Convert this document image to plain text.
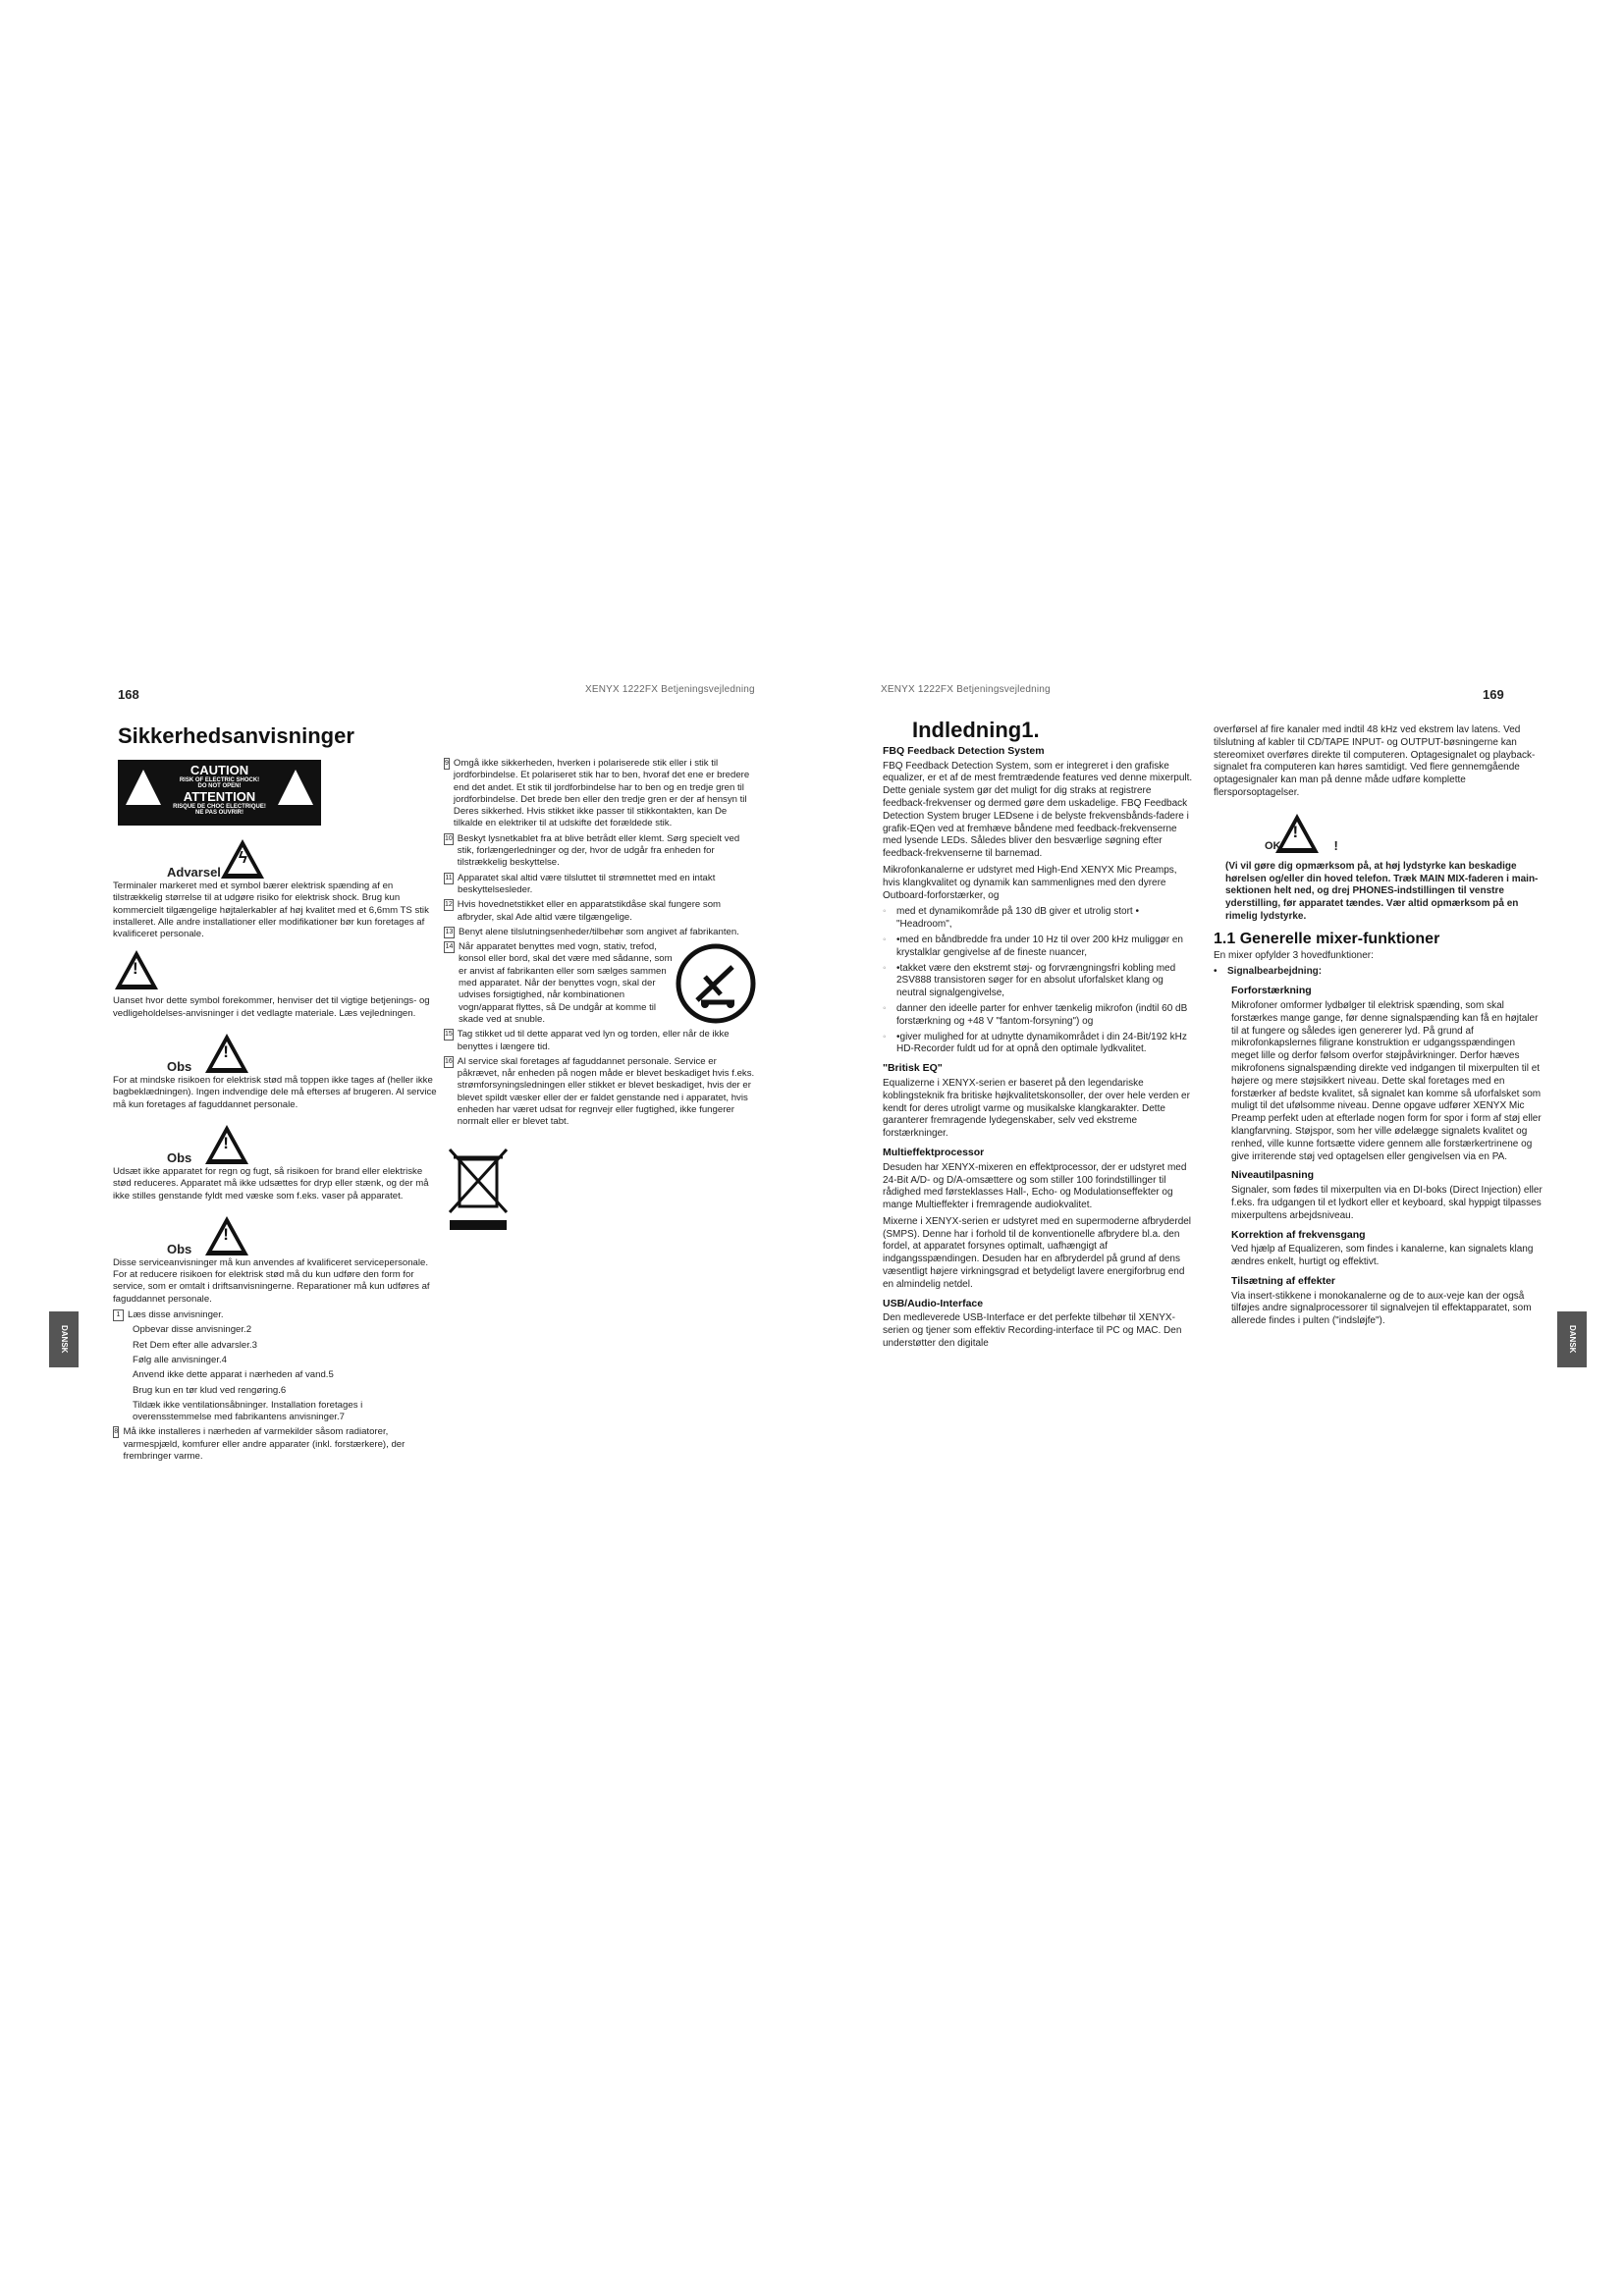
168	XENYX 1222FX Betjeningsvejledning
Sikkerhedsanvisninger
CAUTION
RISK OF ELECTRIC SHOCK!
DO NOT OPEN!
ATTENTION
RISQUE DE CHOC ELECTRIQUE!
NE PAS OUVRIR!
Advarsel
ϟ

Terminaler markeret med et symbol bærer elektrisk spænding af en tilstrækkelig størrelse til at udgøre risiko for elektrisk shock. Brug kun kommercielt tilgængelige højtalerkabler af høj kvalitet med et 6,6mm TS stik installeret. Alle andre installationer eller modifikationer bør kun foretages af kvalificeret personale.

!

Uanset hvor dette symbol forekommer, henviser det til vigtige betjenings- og vedligeholdelses-anvisninger i det vedlagte materiale. Læs vejledningen.

Obs
!

For at mindske risikoen for elektrisk stød må toppen ikke tages af (heller ikke bagbeklædningen). Ingen indvendige dele må efterses af brugeren. Al service må kun foretages af faguddannet personale.

Obs
!

Udsæt ikke apparatet for regn og fugt, så risikoen for brand eller elektriske stød reduceres. Apparatet må ikke udsættes for dryp eller stænk, og der må ikke stilles genstande fyldt med væske som f.eks. vaser på apparatet.

Obs
!

Disse serviceanvisninger må kun anvendes af kvalificeret servicepersonale. For at reducere risikoen for elektrisk stød må du kun udføre den form for service, som er omtalt i driftsanvisningerne. Reparationer må kun udføres af faguddannet personale.

1 Læs disse anvisninger.
Opbevar disse anvisninger.2
Ret Dem efter alle advarsler.3
Følg alle anvisninger.4
Anvend ikke dette apparat i nærheden af vand.5
Brug kun en tør klud ved rengøring.6
Tildæk ikke ventilationsåbninger. Installation foretages i overensstemmelse med fabrikantens anvisninger.7
8 Må ikke installeres i nærheden af varmekilder såsom radiatorer, varmespjæld, komfurer eller andre apparater (inkl. forstærkere), der frembringer varme.
9 Omgå ikke sikkerheden, hverken i polariserede stik eller i stik til jordforbindelse. Et polariseret stik har to ben, hvoraf det ene er bredere end det andet. Et stik til jordforbindelse har to ben og en tredje gren til jordforbindelse. Det brede ben eller den tredje gren er der af hensyn til Deres sikkerhed. Hvis stikket ikke passer til stikkontakten, kan De tilkalde en elektriker til at udskifte det forældede stik.
10 Beskyt lysnetkablet fra at blive betrådt eller klemt. Sørg specielt ved stik, forlængerledninger og der, hvor de udgår fra enheden for tilstrækkelig beskyttelse.
11 Apparatet skal altid være tilsluttet til strømnettet med en intakt beskyttelsesleder.
12 Hvis hovednetstikket eller en apparatstikdåse skal fungere som afbryder, skal Ade altid være tilgængelige.
13 Benyt alene tilslutningsenheder/tilbehør som angivet af fabrikanten.
14 Når apparatet benyttes med vogn, stativ, trefod, konsol eller bord, skal det være med sådanne, som er anvist af fabrikanten eller som sælges sammen med apparatet. Når der benyttes vogn, skal der udvises forsigtighed, når kombinationen vogn/apparat flyttes, så De undgår at komme til skade ved at snuble.
15 Tag stikket ud til dette apparat ved lyn og torden, eller når de ikke benyttes i længere tid.
16 Al service skal foretages af faguddannet personale. Service er påkrævet, når enheden på nogen måde er blevet beskadiget hvis f.eks. strømforsyningsledningen eller stikket er blevet beskadiget, hvis der er blevet spildt væsker eller der er faldet genstande ned i apparatet, hvis enheden har været udsat for regnvejr eller fugtighed, ikke fungerer normalt eller er blevet tabt.
DANSK
XENYX 1222FX Betjeningsvejledning	169
Indledning1.
FBQ Feedback Detection System

FBQ Feedback Detection System, som er integreret i den grafiske equalizer, er et af de mest fremtrædende features ved denne mixerpult. Dette geniale system gør det muligt for dig straks at registrere feedback-frekvenser og dermed gøre dem uskadelige. FBQ Feedback Detection System bruger LEDsene i de belyste frekvensbånds-fadere i grafik-EQen ved at fremhæve båndene med feedback-frekvenserne med lysende LEDs. Således bliver den besværlige søgning efter feedback-frekvenserne til barnemad.

Mikrofonkanalerne er udstyret med High-End XENYX Mic Preamps, hvis klangkvalitet og dynamik kan sammenlignes med den dyrere Outboard-forforstærker, og

◦	med et dynamikområde på 130 dB giver et utrolig stort • "Headroom",
◦	•med en båndbredde fra under 10 Hz til over 200 kHz muliggør en krystalklar gengivelse af de fineste nuancer,
◦	•takket være den ekstremt støj- og forvrængningsfri kobling med 2SV888 transistoren søger for en absolut uforfalsket klang og neutral signalgengivelse,
◦	danner den ideelle parter for enhver tænkelig mikrofon (indtil 60 dB forstærkning og +48 V "fantom-forsyning") og
◦	•giver mulighed for at udnytte dynamikområdet i din 24-Bit/192 kHz HD-Recorder fuldt ud for at opnå den optimale lydkvalitet.
"Britisk EQ"

Equalizerne i XENYX-serien er baseret på den legendariske koblingsteknik fra britiske højkvalitetskonsoller, der over hele verden er kendt for deres utroligt varme og musikalske klangkarakter. Dette garanterer fremragende lydegenskaber, selv ved ekstreme forstærkninger.

Multieffektprocessor

Desuden har XENYX-mixeren en effektprocessor, der er udstyret med 24-Bit A/D- og D/A-omsættere og som stiller 100 forindstillinger til rådighed med førsteklasses Hall-, Echo- og Modulationseffekter og mange Multieffekter i fremragende audiokvalitet.

Mixerne i XENYX-serien er udstyret med en supermoderne afbryderdel (SMPS). Denne har i forhold til de konventionelle afbrydere bl.a. den fordel, at apparatet forsynes optimalt, uafhængigt af indgangsspændingen. Desuden har en afbryderdel på grund af dens væsentligt højere virkningsgrad et betydeligt lavere energiforbrug end en almindelig netdel.

USB/Audio-Interface

Den medleverede USB-Interface er det perfekte tilbehør til XENYX-serien og tjener som effektiv Recording-interface til PC og MAC. Den understøtter den digitale

overførsel af fire kanaler med indtil 48 kHz ved ekstrem lav latens. Ved tilslutning af kabler til CD/TAPE INPUT- og OUTPUT-bøsningerne kan stereomixet overføres direkte til computeren. Optagesignalet og playback-signalet fra computeren kan høres samtidigt. Ved flere gennemgående optagesignaler kan man på denne måde udføre komplette flersporsoptagelser.

OK
!
!

(Vi vil gøre dig opmærksom på, at høj lydstyrke kan beskadige hørelsen og/eller din hoved telefon. Træk MAIN MIX-faderen i main-sektionen helt ned, og drej PHONES-indstillingen til venstre yderstilling, før apparatet tændes. Vær altid opmærksom på en rimelig lydstyrke.

1.1 Generelle mixer-funktioner

En mixer opfylder 3 hovedfunktioner:

•	Signalbearbejdning:
Forforstærkning

Mikrofoner omformer lydbølger til elektrisk spænding, som skal forstærkes mange gange, før denne signalspænding kan få en højtaler til at fungere og således igen genererer lyd. På grund af mikrofonkapslernes filigrane konstruktion er udgangsspændingen meget lille og derfor følsom overfor støjpåvirkninger. Derfor hæves mikrofonens signalspænding direkte ved indgangen til mixerpulten til et højere og mere støjsikkert niveau. Dette skal foretages med en forstærker af bedste kvalitet, så signalet kan komme så uforfalsket som muligt til det ufølsomme niveau. Denne opgave udfører XENYX Mic Preamp perfekt uden at efterlade nogen form for spor i form af støj eller klangfarvning. Støjspor, som her ville ødelægge signalets kvalitet og renhed, ville kunne fortsætte videre gennem alle forstærkertrinene og give irriterende støj ved optagelsen eller gengivelsen via en PA.

Niveautilpasning

Signaler, som fødes til mixerpulten via en DI-boks (Direct Injection) eller f.eks. fra udgangen til et lydkort eller et keyboard, skal hyppigt tilpasses mixerpultens arbejdsniveau.

Korrektion af frekvensgang

Ved hjælp af Equalizeren, som findes i kanalerne, kan signalets klang ændres enkelt, hurtigt og effektivt.

Tilsætning af effekter

Via insert-stikkene i monokanalerne og de to aux-veje kan der også tilføjes andre signalprocessorer til signalvejen til effektapparatet, som allerede findes i pulten ("indsløjfe").

DANSK
